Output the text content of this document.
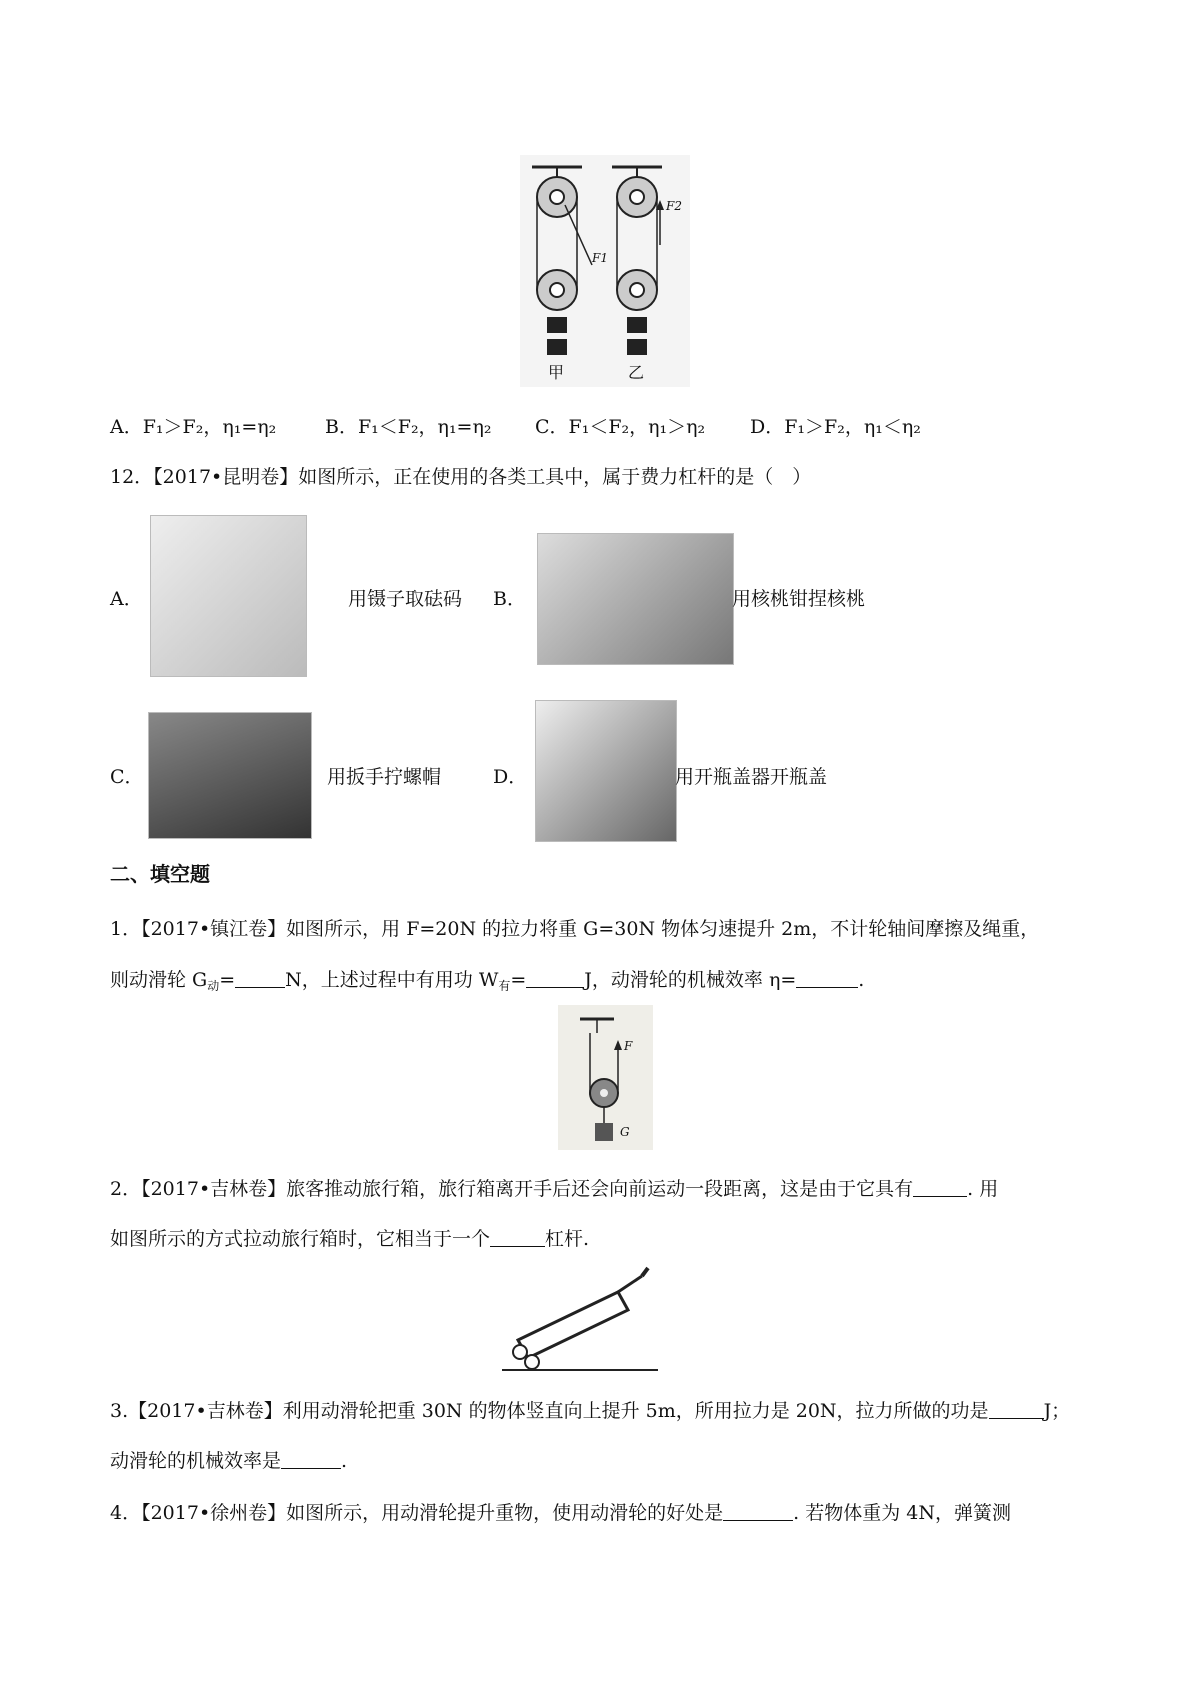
F1
F2
甲	乙
A．F₁＞F₂，η₁=η₂	B．F₁＜F₂，η₁=η₂ C．F₁＜F₂，η₁＞η₂ D．F₁＞F₂，η₁＜η₂
12．【2017•昆明卷】如图所示，正在使用的各类工具中，属于费力杠杆的是（　）
A．	用镊子取砝码 B．	用核桃钳捏核桃
C．	用扳手拧螺帽	D．	用开瓶盖器开瓶盖
二、填空题
1．【2017•镇江卷】如图所示，用 F=20N 的拉力将重 G=30N 物体匀速提升 2m，不计轮轴间摩擦及绳重，
则动滑轮 $G_动=$	N，上述过程中有用功 $W_有=$	J，动滑轮的机械效率 η=	.
F
G
2．【2017•吉林卷】旅客推动旅行箱，旅行箱离开手后还会向前运动一段距离，这是由于它具有	. 用
如图所示的方式拉动旅行箱时，它相当于一个	杠杆.
3.【2017•吉林卷】利用动滑轮把重 30N 的物体竖直向上提升 5m，所用拉力是 20N，拉力所做的功是	J；
动滑轮的机械效率是	.
4．【2017•徐州卷】如图所示，用动滑轮提升重物，使用动滑轮的好处是	. 若物体重为 4N，弹簧测
